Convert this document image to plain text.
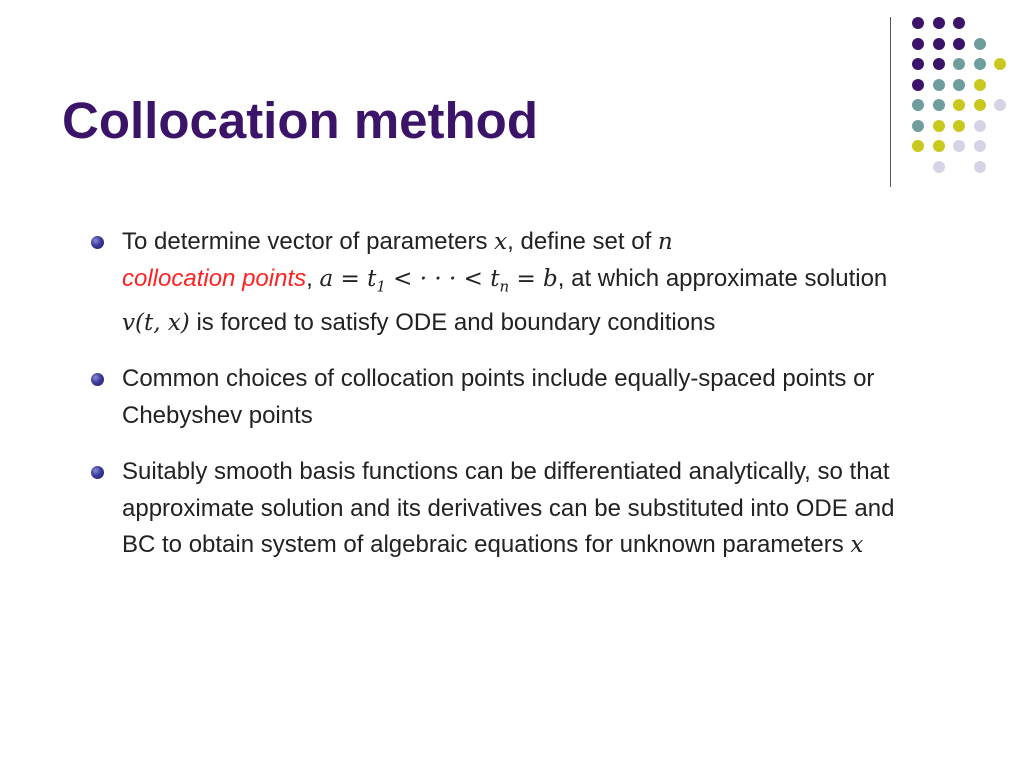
Collocation method
To determine vector of parameters x, define set of n
collocation points, $a = t_1$ < · · · < $t_n = b$, at which approximate solution v(t, x) is forced to satisfy ODE and boundary conditions
Common choices of collocation points include equally-spaced points or Chebyshev points
Suitably smooth basis functions can be differentiated analytically, so that approximate solution and its derivatives can be substituted into ODE and BC to obtain system of algebraic equations for unknown parameters x
